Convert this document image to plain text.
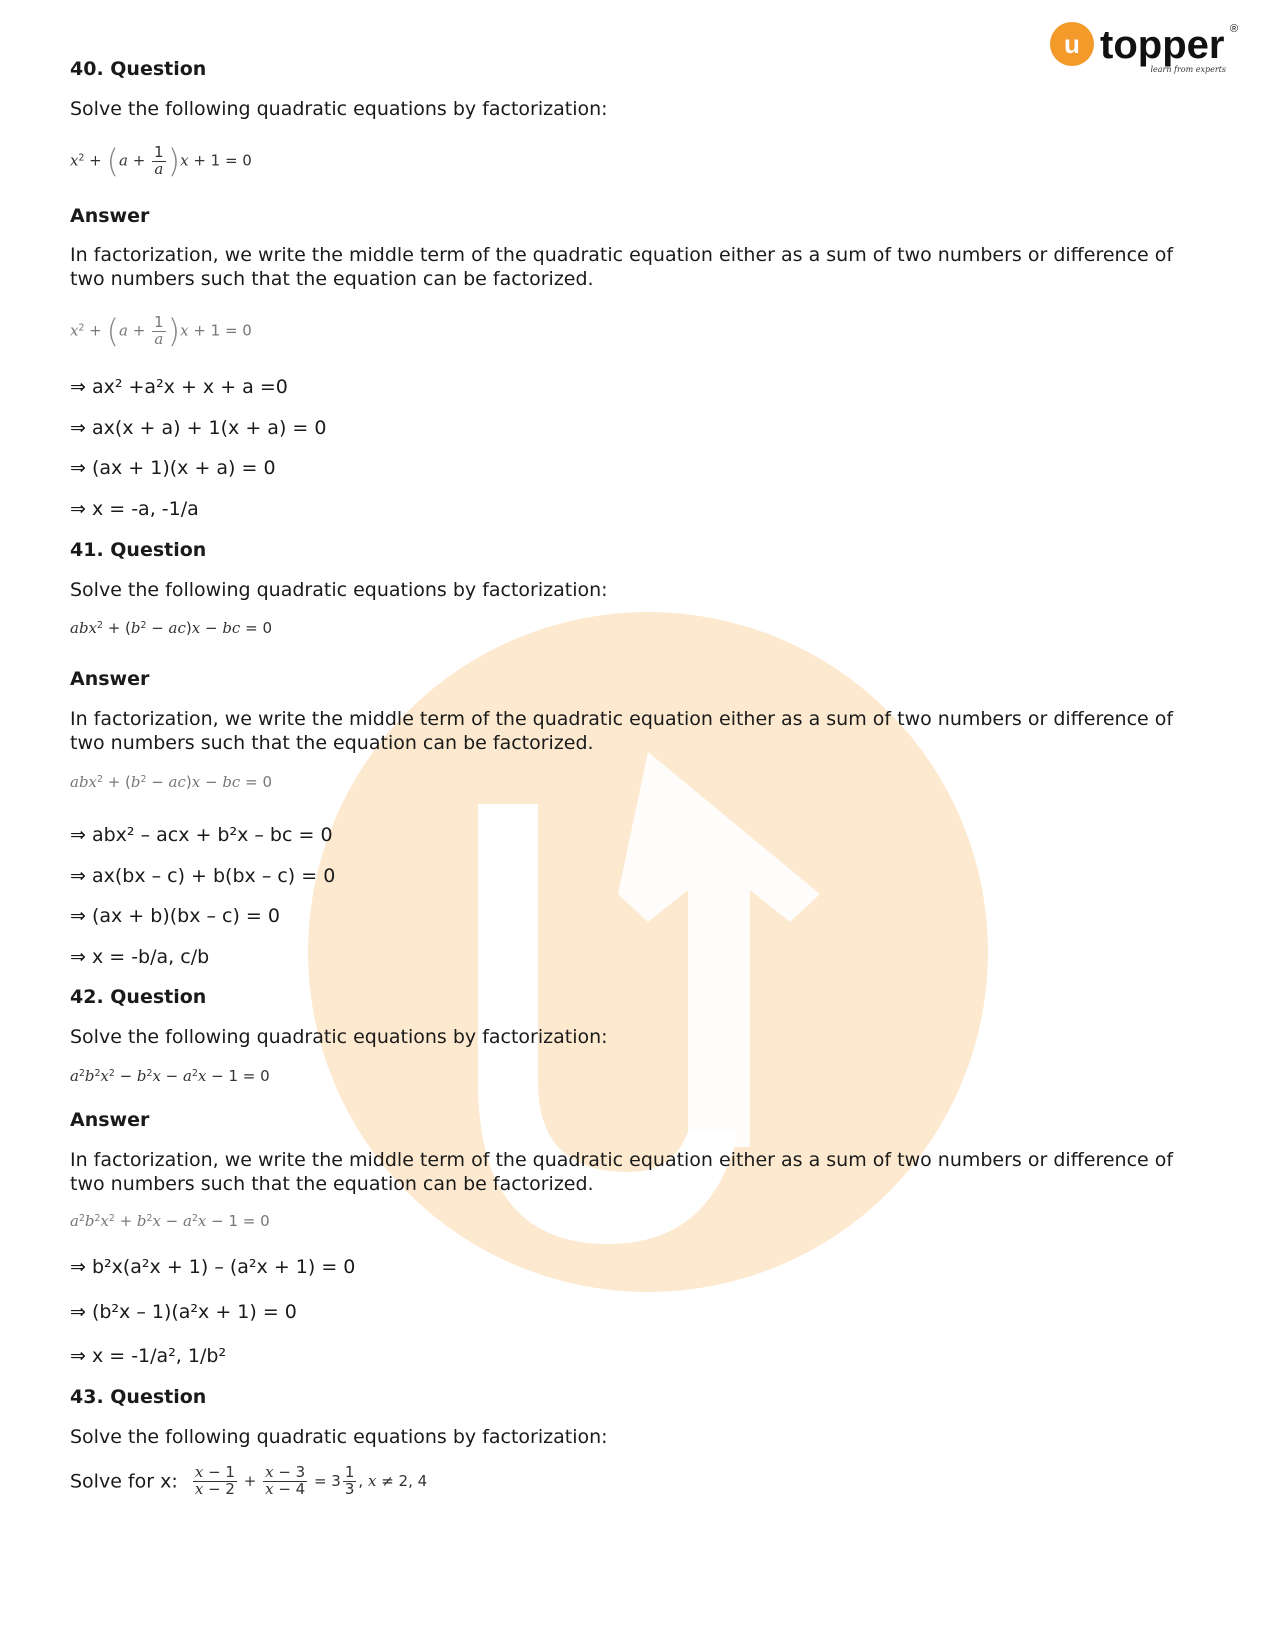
u topper ®
learn from experts
40. Question
Solve the following quadratic equations by factorization:
$x^2 + (a + \frac{1}{a} )x + 1 = 0$
Answer
In factorization, we write the middle term of the quadratic equation either as a sum of two numbers or difference of two numbers such that the equation can be factorized.
$x^2 + (a + \frac{1}{a} )x + 1 = 0$
⇒ ax² +a²x + x + a =0
⇒ ax(x + a) + 1(x + a) = 0
⇒ (ax + 1)(x + a) = 0
⇒ x = -a, -1/a
41. Question
Solve the following quadratic equations by factorization:
$abx^2 + (b^2 - ac)x$ − bc = 0
Answer
In factorization, we write the middle term of the quadratic equation either as a sum of two numbers or difference of two numbers such that the equation can be factorized.
$abx^2 + (b^2 - ac)x$ − bc = 0
⇒ abx² – acx + b²x – bc = 0
⇒ ax(bx – c) + b(bx – c) = 0
⇒ (ax + b)(bx – c) = 0
⇒ x = -b/a, c/b
42. Question
Solve the following quadratic equations by factorization:
$a^2b^2x^2 - b^2x - a^2x - 1 = 0$
Answer
In factorization, we write the middle term of the quadratic equation either as a sum of two numbers or difference of two numbers such that the equation can be factorized.
$a^2b^2x^2 + b^2x - a^2x - 1 = 0$
⇒ b²x(a²x + 1) – (a²x + 1) = 0
⇒ (b²x – 1)(a²x + 1) = 0
⇒ x = -1/a², 1/b²
43. Question
Solve the following quadratic equations by factorization:
Solve for x: $\frac{x - 1}{x - 2} + \frac{x - 3}{x - 4} = 3 \frac{1}{3}$ , x ≠ 2, 4
